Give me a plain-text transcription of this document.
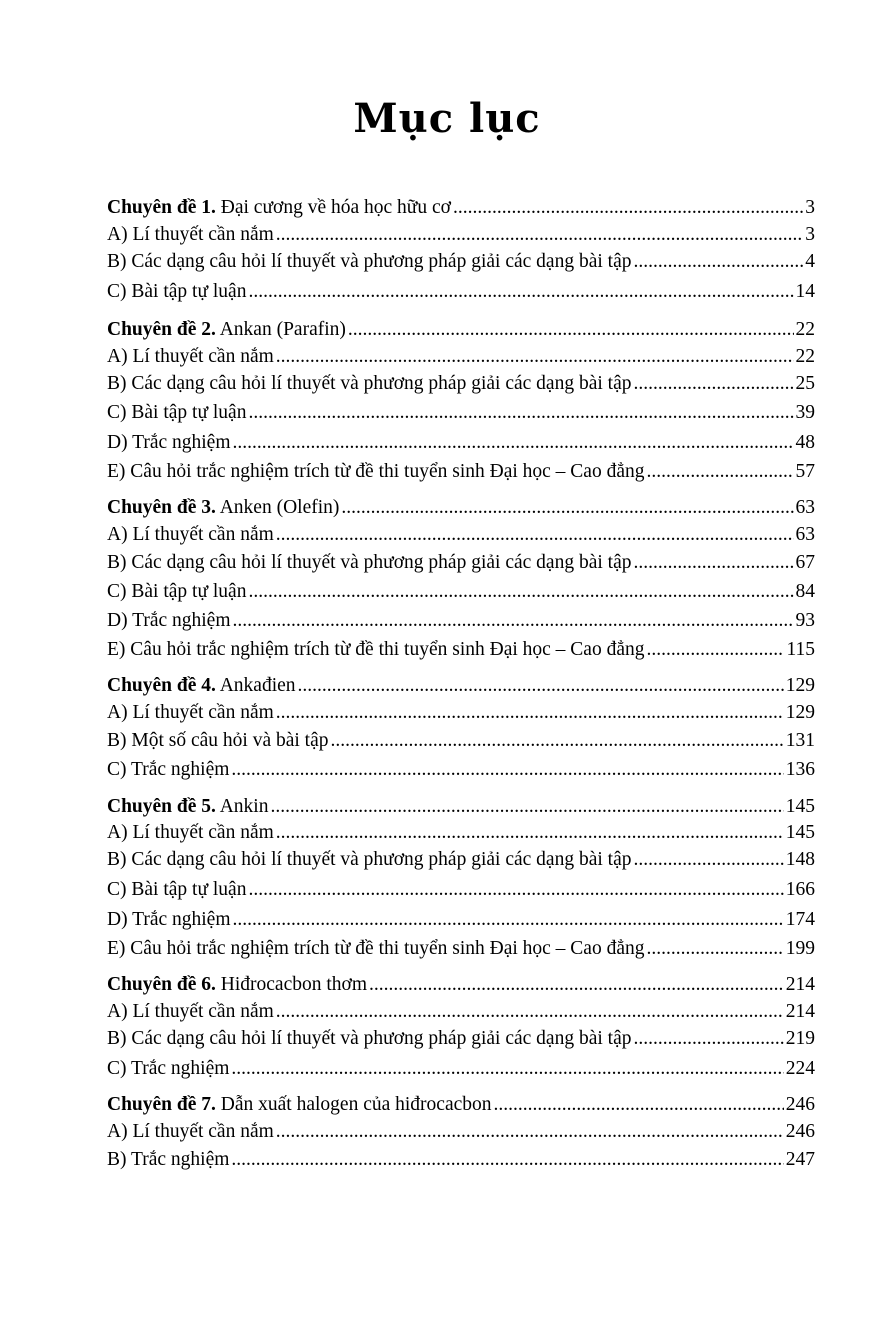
Mục lục
Chuyên đề 1. Đại cương về hóa học hữu cơ .....	3
A) Lí thuyết cần nắm .....	3
B) Các dạng câu hỏi lí thuyết và phương pháp giải các dạng bài tập .....	4
C) Bài tập tự luận .....	14
Chuyên đề 2. Ankan (Parafin) .....	22
A) Lí thuyết cần nắm .....	22
B) Các dạng câu hỏi lí thuyết và phương pháp giải các dạng bài tập .....	25
C) Bài tập tự luận .....	39
D) Trắc nghiệm .....	48
E) Câu hỏi trắc nghiệm trích từ đề thi tuyển sinh Đại học – Cao đẳng .....	57
Chuyên đề 3. Anken (Olefin) .....	63
A) Lí thuyết cần nắm .....	63
B) Các dạng câu hỏi lí thuyết và phương pháp giải các dạng bài tập .....	67
C) Bài tập tự luận .....	84
D) Trắc nghiệm .....	93
E) Câu hỏi trắc nghiệm trích từ đề thi tuyển sinh Đại học – Cao đẳng .....	115
Chuyên đề 4. Ankađien .....	129
A) Lí thuyết cần nắm .....	129
B) Một số câu hỏi và bài tập .....	131
C) Trắc nghiệm .....	136
Chuyên đề 5. Ankin .....	145
A) Lí thuyết cần nắm .....	145
B) Các dạng câu hỏi lí thuyết và phương pháp giải các dạng bài tập .....	148
C) Bài tập tự luận .....	166
D) Trắc nghiệm .....	174
E) Câu hỏi trắc nghiệm trích từ đề thi tuyển sinh Đại học – Cao đẳng .....	199
Chuyên đề 6. Hiđrocacbon thơm .....	214
A) Lí thuyết cần nắm .....	214
B) Các dạng câu hỏi lí thuyết và phương pháp giải các dạng bài tập .....	219
C) Trắc nghiệm .....	224
Chuyên đề 7. Dẫn xuất halogen của hiđrocacbon .....	246
A) Lí thuyết cần nắm .....	246
B) Trắc nghiệm .....	247
